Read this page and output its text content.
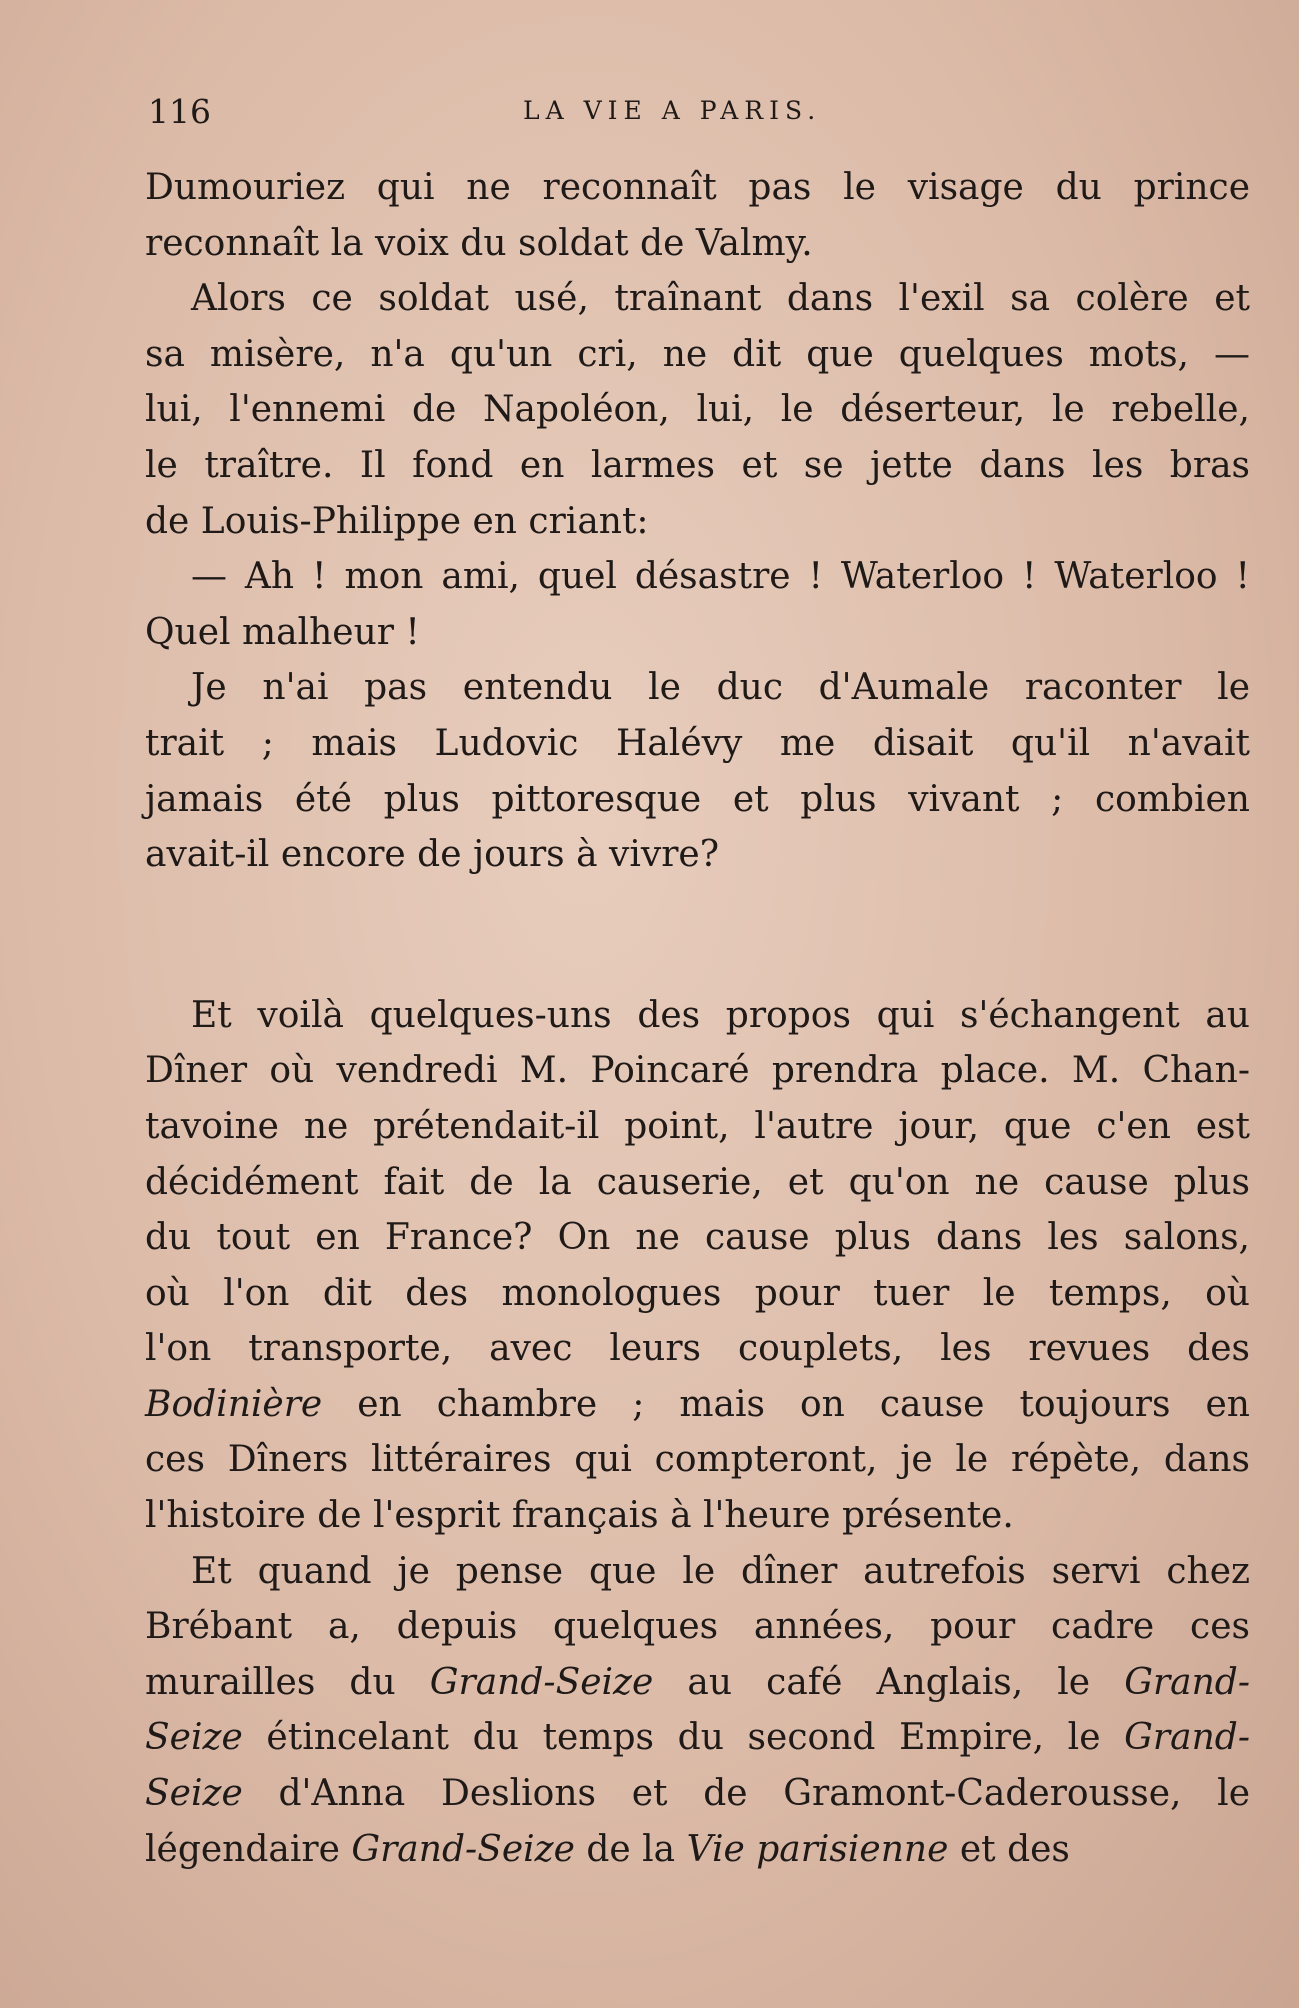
116	LA VIE A PARIS.
Dumouriez qui ne reconnaît pas le visage du prince
reconnaît la voix du soldat de Valmy.
Alors ce soldat usé, traînant dans l'exil sa colère et
sa misère, n'a qu'un cri, ne dit que quelques mots, —
lui, l'ennemi de Napoléon, lui, le déserteur, le rebelle,
le traître. Il fond en larmes et se jette dans les bras
de Louis-Philippe en criant:
— Ah ! mon ami, quel désastre ! Waterloo ! Waterloo !
Quel malheur !
Je n'ai pas entendu le duc d'Aumale raconter le
trait ; mais Ludovic Halévy me disait qu'il n'avait
jamais été plus pittoresque et plus vivant ; combien
avait-il encore de jours à vivre?
Et voilà quelques-uns des propos qui s'échangent au
Dîner où vendredi M. Poincaré prendra place. M. Chan-
tavoine ne prétendait-il point, l'autre jour, que c'en est
décidément fait de la causerie, et qu'on ne cause plus
du tout en France? On ne cause plus dans les salons,
où l'on dit des monologues pour tuer le temps, où
l'on transporte, avec leurs couplets, les revues des
Bodinière en chambre ; mais on cause toujours en
ces Dîners littéraires qui compteront, je le répète, dans
l'histoire de l'esprit français à l'heure présente.
Et quand je pense que le dîner autrefois servi chez
Brébant a, depuis quelques années, pour cadre ces
murailles du Grand-Seize au café Anglais, le Grand-
Seize étincelant du temps du second Empire, le Grand-
Seize d'Anna Deslions et de Gramont-Caderousse, le
légendaire Grand-Seize de la Vie parisienne et des
